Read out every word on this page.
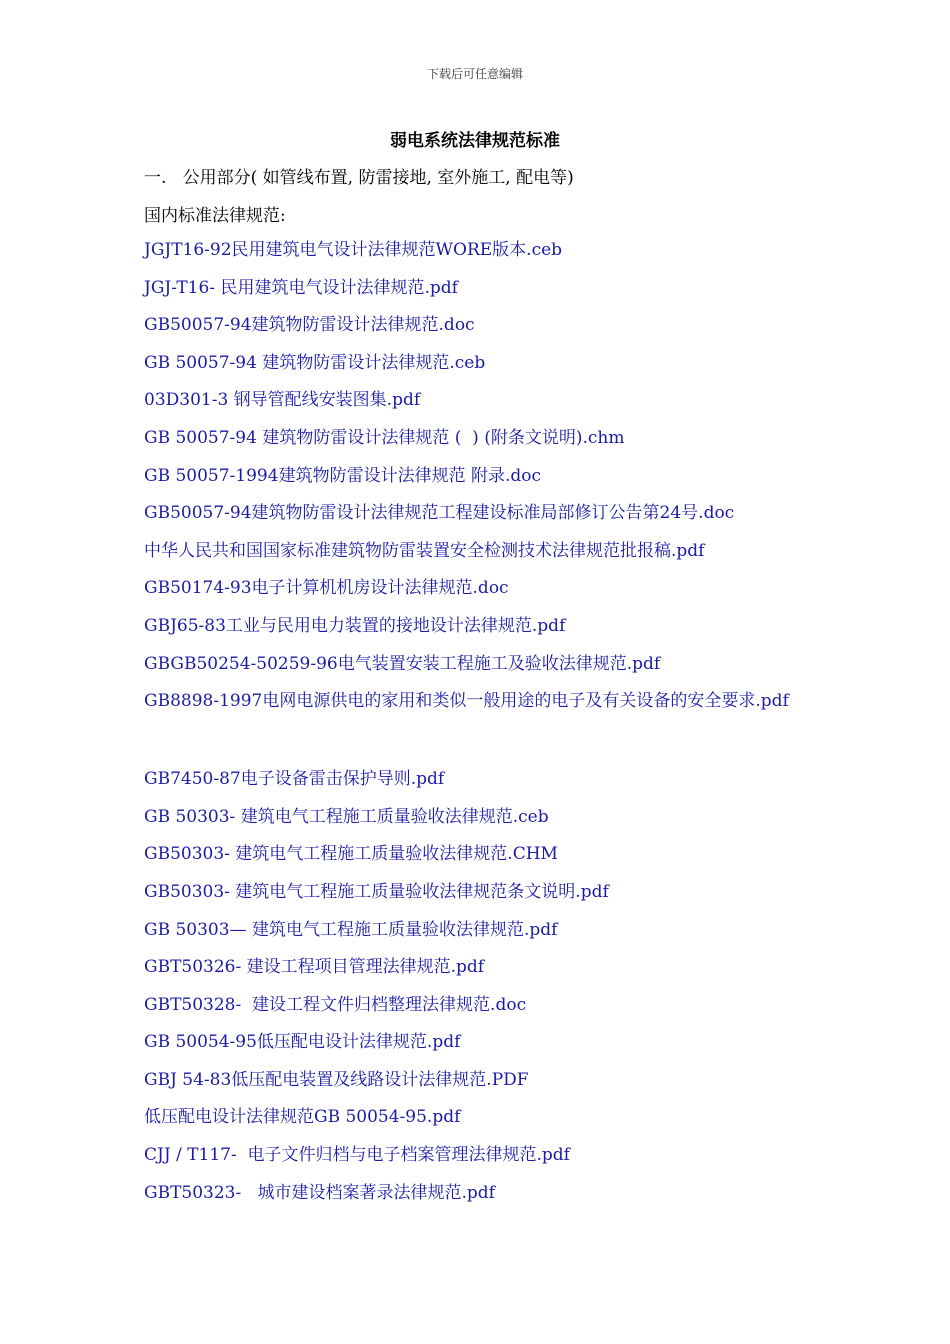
下载后可任意编辑
弱电系统法律规范标准
一.   公用部分( 如管线布置, 防雷接地, 室外施工, 配电等)
国内标准法律规范:
JGJT16-92民用建筑电气设计法律规范WORE版本.ceb
JGJ-T16- 民用建筑电气设计法律规范.pdf
GB50057-94建筑物防雷设计法律规范.doc
GB 50057-94 建筑物防雷设计法律规范.ceb
03D301-3 钢导管配线安装图集.pdf
GB 50057-94 建筑物防雷设计法律规范 (  ) (附条文说明).chm
GB 50057-1994建筑物防雷设计法律规范 附录.doc
GB50057-94建筑物防雷设计法律规范工程建设标准局部修订公告第24号.doc
中华人民共和国国家标准建筑物防雷装置安全检测技术法律规范批报稿.pdf
GB50174-93电子计算机机房设计法律规范.doc
GBJ65-83工业与民用电力装置的接地设计法律规范.pdf
GBGB50254-50259-96电气装置安装工程施工及验收法律规范.pdf
GB8898-1997电网电源供电的家用和类似一般用途的电子及有关设备的安全要求.pdf
GB7450-87电子设备雷击保护导则.pdf
GB 50303- 建筑电气工程施工质量验收法律规范.ceb
GB50303- 建筑电气工程施工质量验收法律规范.CHM
GB50303- 建筑电气工程施工质量验收法律规范条文说明.pdf
GB 50303— 建筑电气工程施工质量验收法律规范.pdf
GBT50326- 建设工程项目管理法律规范.pdf
GBT50328-  建设工程文件归档整理法律规范.doc
GB 50054-95低压配电设计法律规范.pdf
GBJ 54-83低压配电装置及线路设计法律规范.PDF
低压配电设计法律规范GB 50054-95.pdf
CJJ / T117-  电子文件归档与电子档案管理法律规范.pdf
GBT50323-   城市建设档案著录法律规范.pdf
